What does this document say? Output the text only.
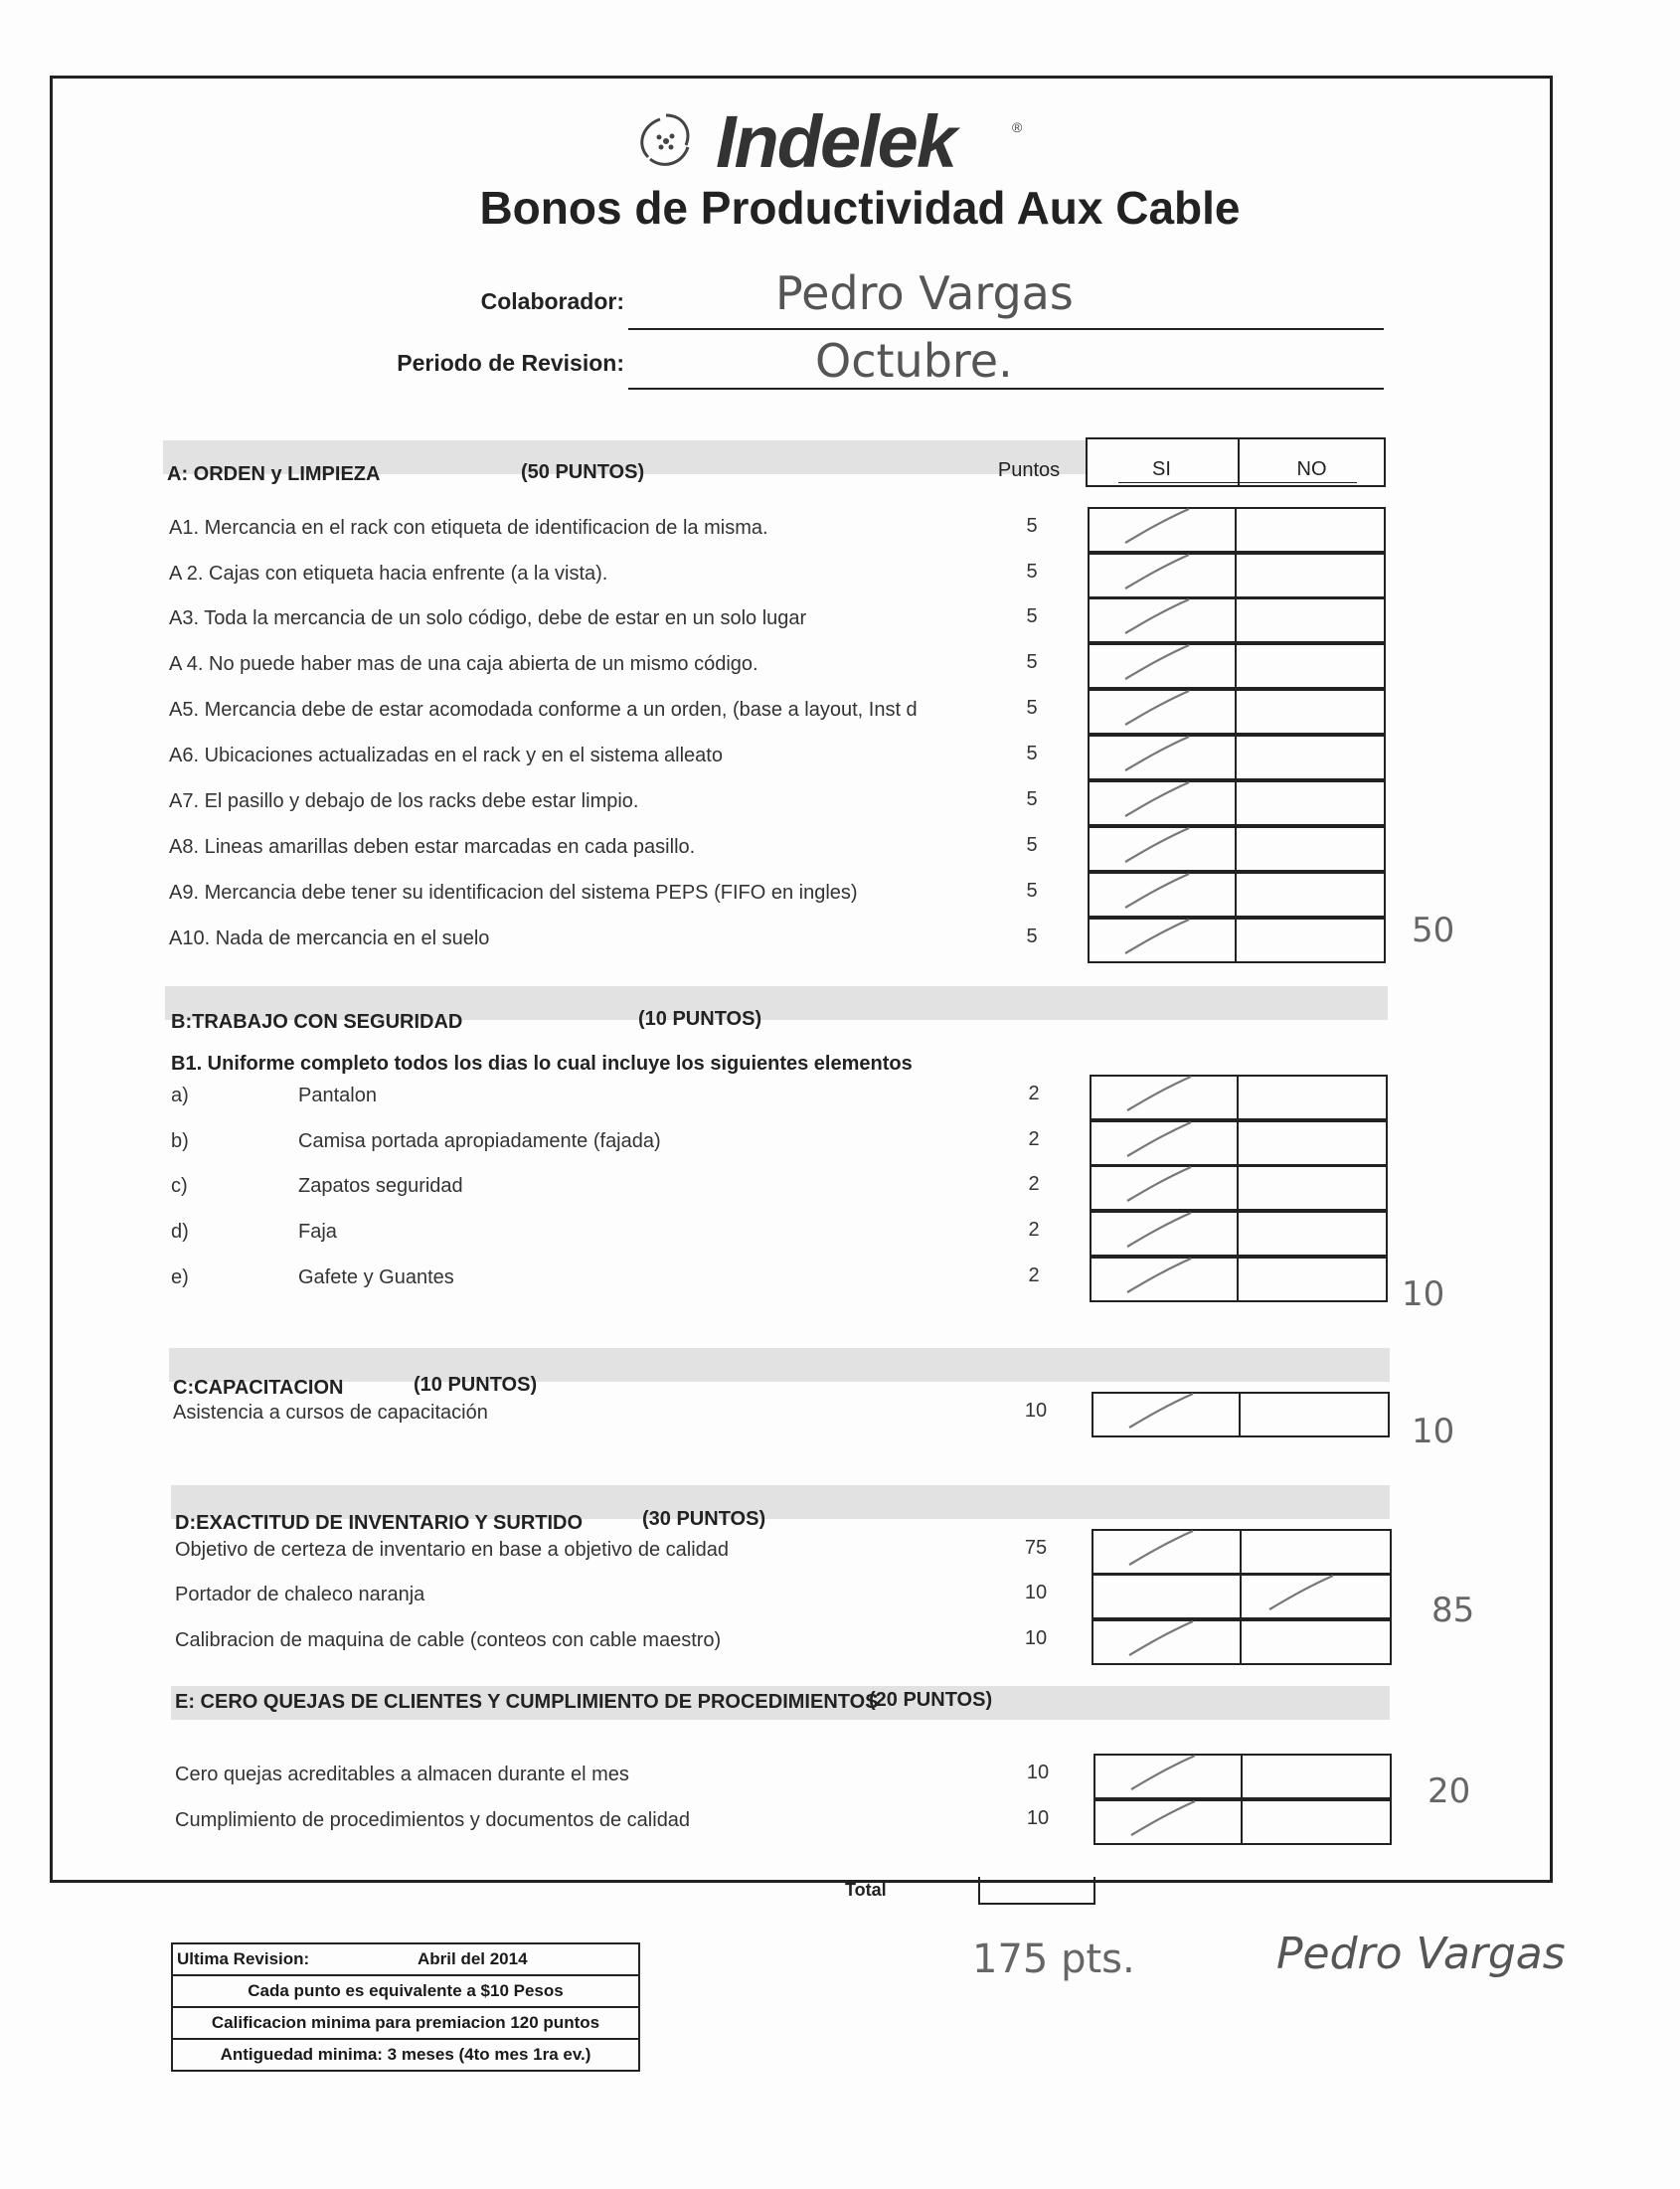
Indelek	®
Bonos de Productividad Aux Cable
Colaborador:	Pedro Vargas
Periodo de Revision:	Octubre.
A: ORDEN y LIMPIEZA	(50 PUNTOS)	Puntos	SI	NO
A1. Mercancia en el rack con etiqueta de identificacion de la misma.	5
A 2. Cajas con etiqueta hacia enfrente (a la vista).	5
A3. Toda la mercancia de un solo código, debe de estar en un solo lugar	5
A 4. No puede haber mas de una caja abierta de un mismo código.	5
A5. Mercancia debe de estar acomodada conforme a un orden, (base a layout, Inst d	5
A6. Ubicaciones actualizadas en el rack y en el sistema alleato	5
A7. El pasillo y debajo de los racks debe estar limpio.	5
A8. Lineas amarillas deben estar marcadas en cada pasillo.	5
A9. Mercancia debe tener su identificacion del sistema PEPS (FIFO en ingles)	5
A10. Nada de mercancia en el suelo	5	50
B:TRABAJO CON SEGURIDAD	(10 PUNTOS)
B1. Uniforme completo todos los dias lo cual incluye los siguientes elementos
a)	Pantalon	2
b)	Camisa portada apropiadamente (fajada)	2
c)	Zapatos seguridad	2
d)	Faja	2
e)	Gafete y Guantes	2	10
C:CAPACITACION	(10 PUNTOS)
Asistencia a cursos de capacitación	10
10
D:EXACTITUD DE INVENTARIO Y SURTIDO	(30 PUNTOS)
Objetivo de certeza de inventario en base a objetivo de calidad	75
Portador de chaleco naranja	10
Calibracion de maquina de cable (conteos con cable maestro)	10
85
E: CERO QUEJAS DE CLIENTES Y CUMPLIMIENTO DE PROCEDIMIENTOS
(20 PUNTOS)
Cero quejas acreditables a almacen durante el mes	10
Cumplimiento de procedimientos y documentos de calidad	10
20
Total
175 pts.	Pedro Vargas
Ultima Revision:	Abril del 2014
Cada punto es equivalente a $10 Pesos
Calificacion minima para premiacion 120 puntos
Antiguedad minima: 3 meses (4to mes 1ra ev.)
